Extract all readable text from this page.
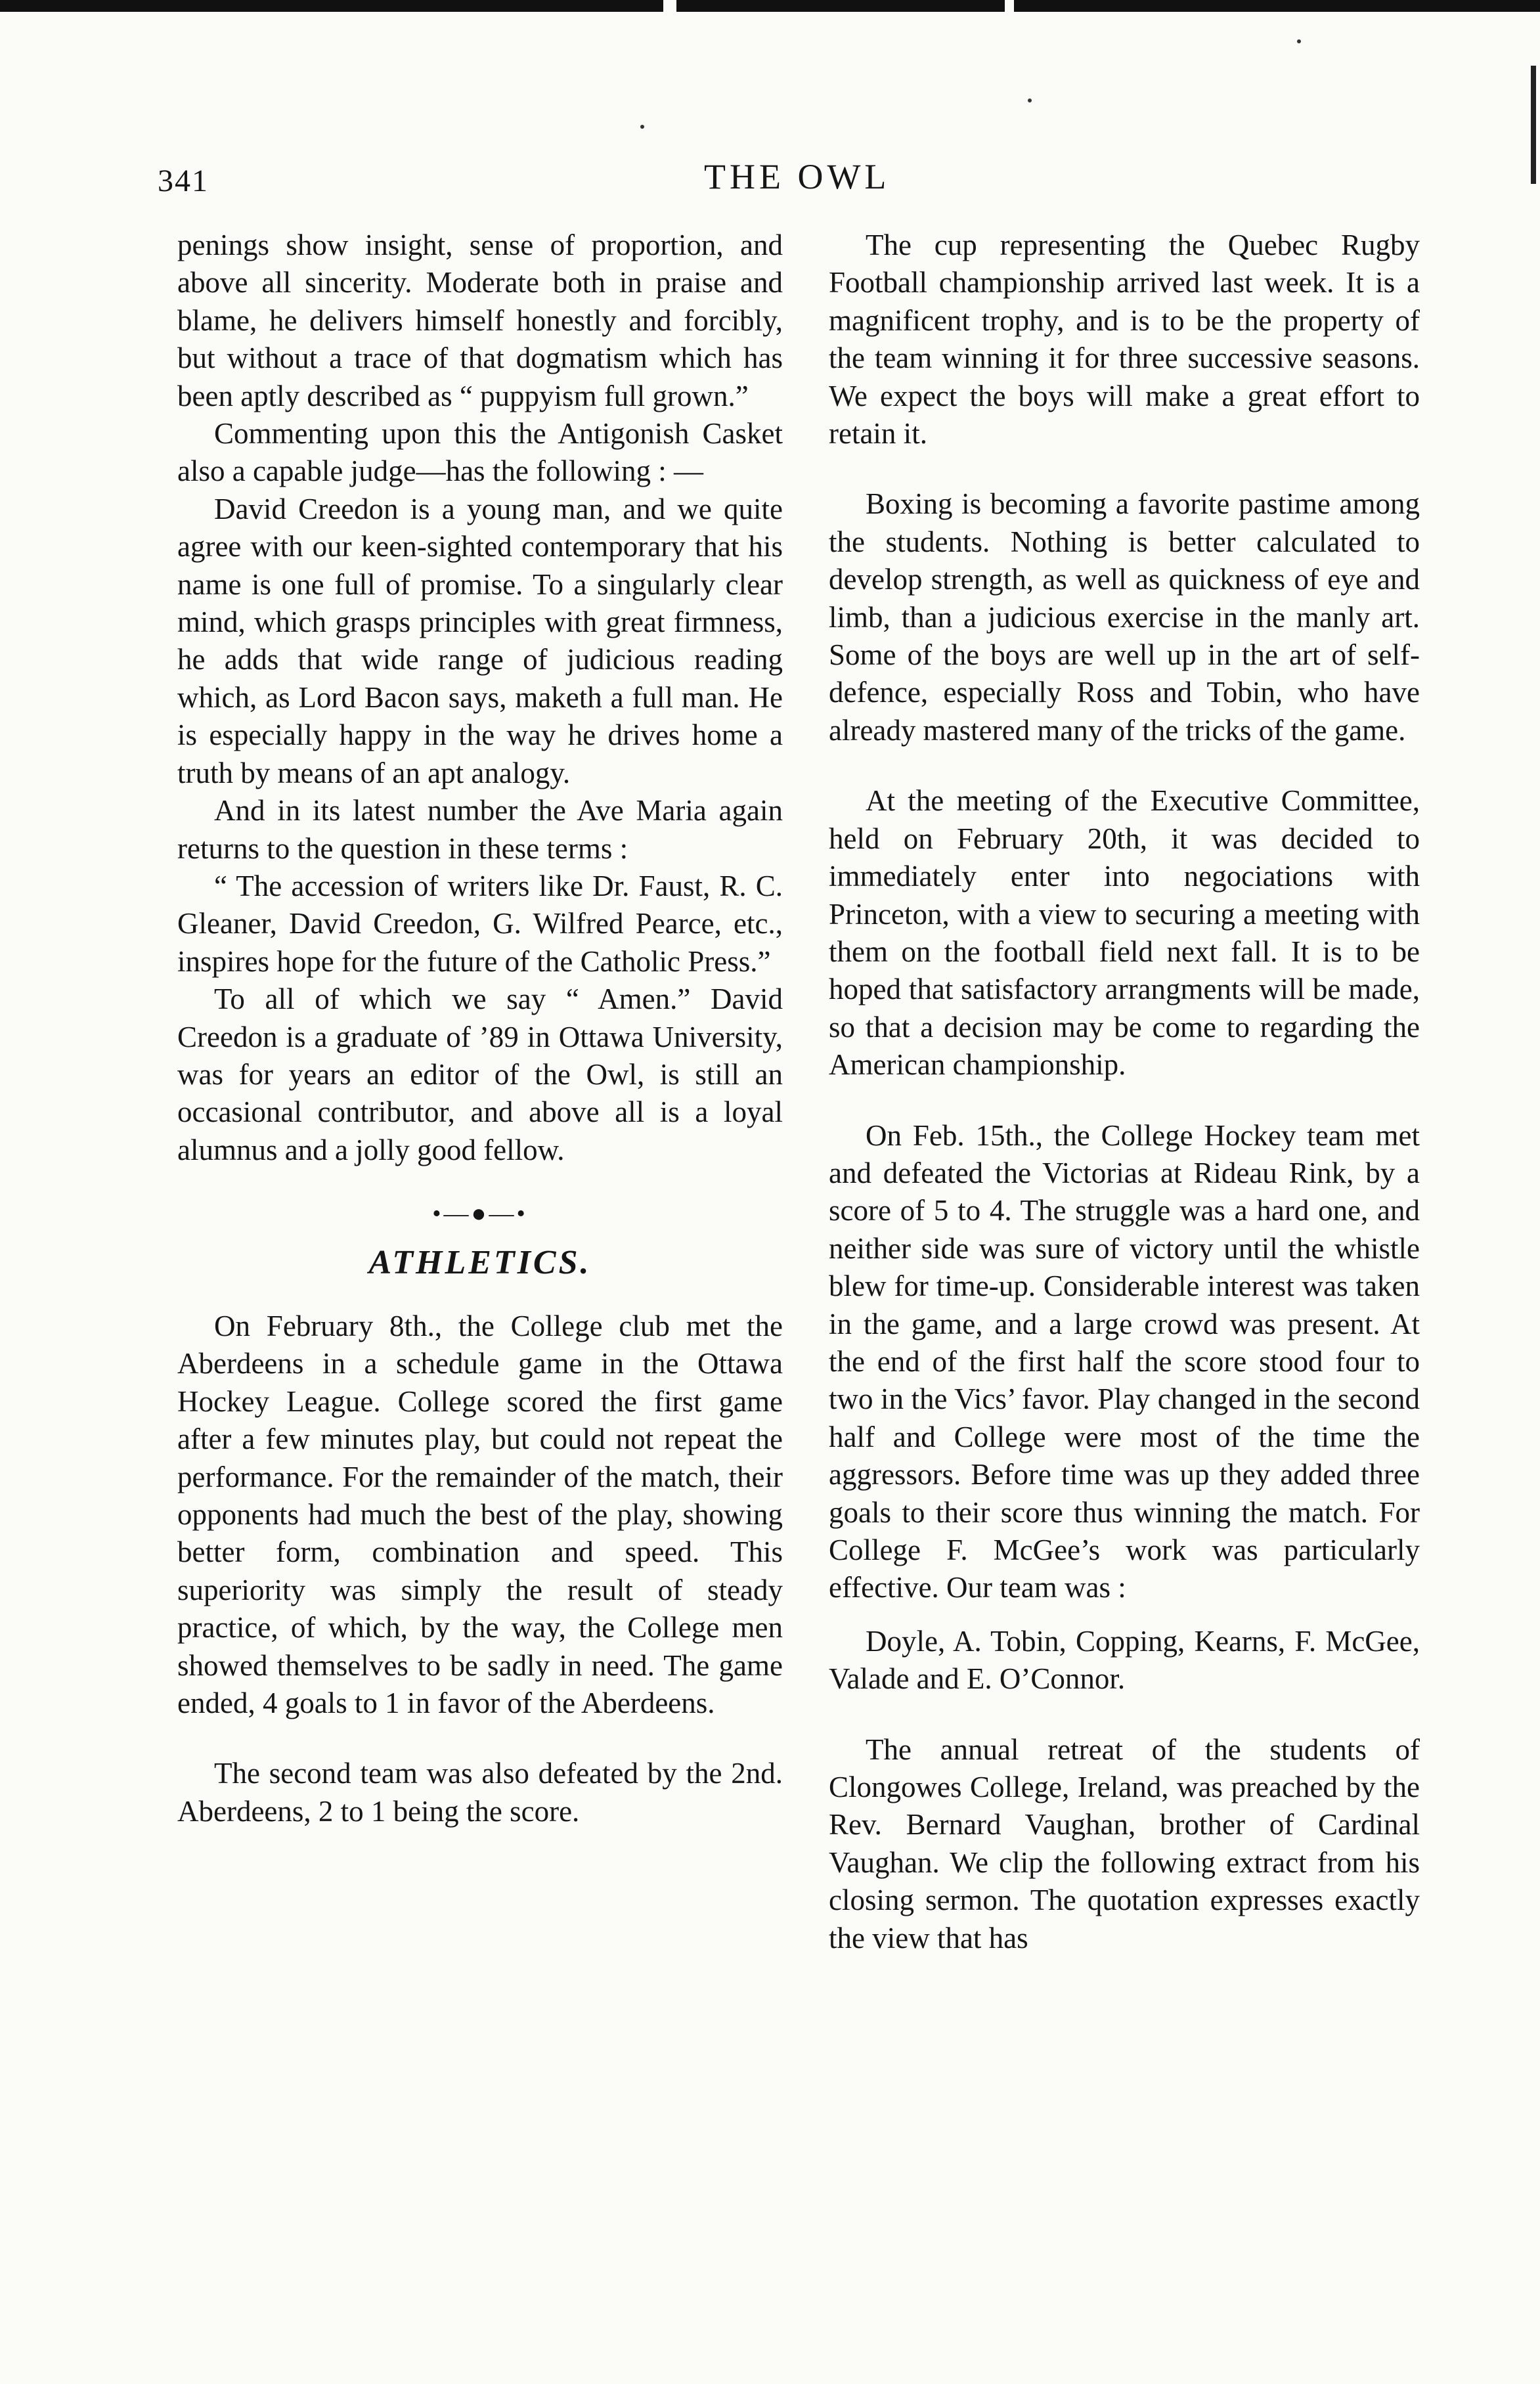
341	THE OWL

penings show insight, sense of proportion, and above all sincerity. Moderate both in praise and blame, he delivers himself honestly and forcibly, but without a trace of that dogmatism which has been aptly described as “ puppyism full grown.”

Commenting upon this the Antigonish Casket also a capable judge—has the following : —

David Creedon is a young man, and we quite agree with our keen-sighted contemporary that his name is one full of promise. To a singularly clear mind, which grasps principles with great firmness, he adds that wide range of judicious reading which, as Lord Bacon says, maketh a full man. He is especially happy in the way he drives home a truth by means of an apt analogy.

And in its latest number the Ave Maria again returns to the question in these terms :

“ The accession of writers like Dr. Faust, R. C. Gleaner, David Creedon, G. Wilfred Pearce, etc., inspires hope for the future of the Catholic Press.”

To all of which we say “ Amen.” David Creedon is a graduate of ’89 in Ottawa University, was for years an editor of the Owl, is still an occasional contributor, and above all is a loyal alumnus and a jolly good fellow.

•—●—•
ATHLETICS.

On February 8th., the College club met the Aberdeens in a schedule game in the Ottawa Hockey League. College scored the first game after a few minutes play, but could not repeat the performance. For the remainder of the match, their opponents had much the best of the play, showing better form, combination and speed. This superiority was simply the result of steady practice, of which, by the way, the College men showed themselves to be sadly in need. The game ended, 4 goals to 1 in favor of the Aberdeens.

The second team was also defeated by the 2nd. Aberdeens, 2 to 1 being the score.

The cup representing the Quebec Rugby Football championship arrived last week. It is a magnificent trophy, and is to be the property of the team winning it for three successive seasons. We expect the boys will make a great effort to retain it.

Boxing is becoming a favorite pastime among the students. Nothing is better calculated to develop strength, as well as quickness of eye and limb, than a judicious exercise in the manly art. Some of the boys are well up in the art of self-defence, especially Ross and Tobin, who have already mastered many of the tricks of the game.

At the meeting of the Executive Committee, held on February 20th, it was decided to immediately enter into negociations with Princeton, with a view to securing a meeting with them on the football field next fall. It is to be hoped that satisfactory arrangments will be made, so that a decision may be come to regarding the American championship.

On Feb. 15th., the College Hockey team met and defeated the Victorias at Rideau Rink, by a score of 5 to 4. The struggle was a hard one, and neither side was sure of victory until the whistle blew for time-up. Considerable interest was taken in the game, and a large crowd was present. At the end of the first half the score stood four to two in the Vics’ favor. Play changed in the second half and College were most of the time the aggressors. Before time was up they added three goals to their score thus winning the match. For College F. McGee’s work was particularly effective. Our team was :

Doyle, A. Tobin, Copping, Kearns, F. McGee, Valade and E. O’Connor.

The annual retreat of the students of Clongowes College, Ireland, was preached by the Rev. Bernard Vaughan, brother of Cardinal Vaughan. We clip the following extract from his closing sermon. The quotation expresses exactly the view that has
